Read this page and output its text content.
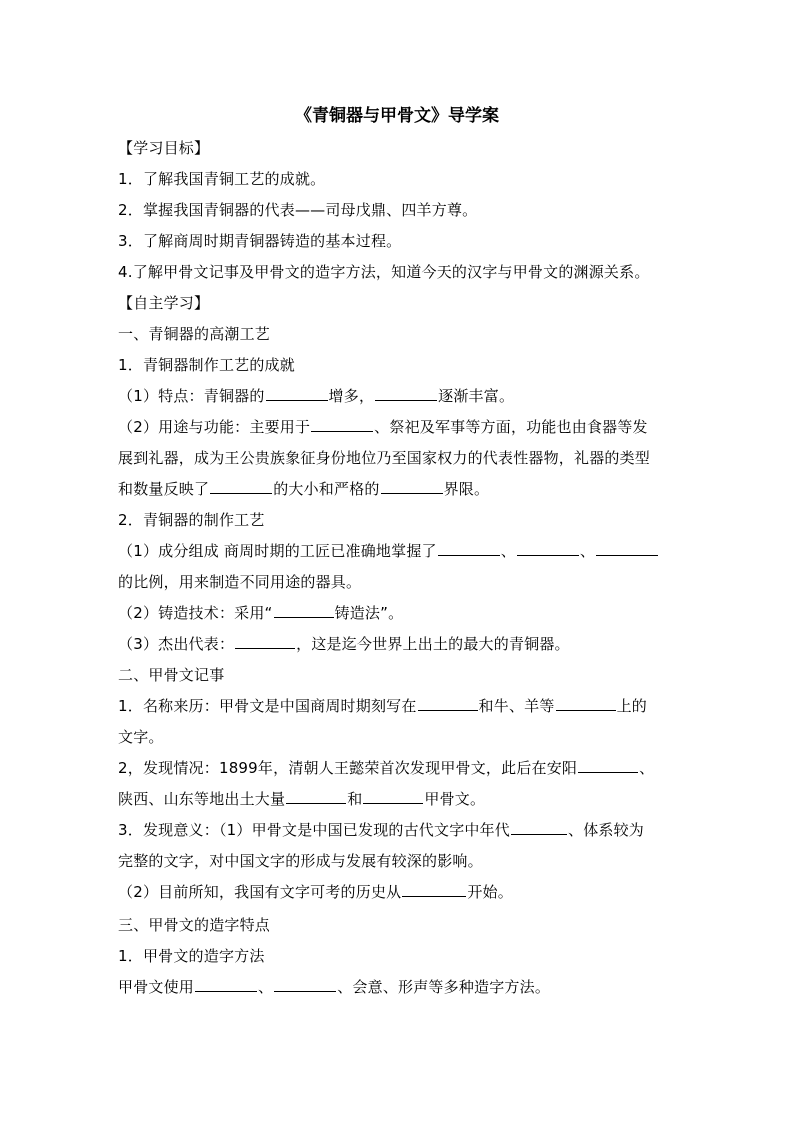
《青铜器与甲骨文》导学案
【学习目标】
1．了解我国青铜工艺的成就。
2．掌握我国青铜器的代表——司母戊鼎、四羊方尊。
3．了解商周时期青铜器铸造的基本过程。
4.了解甲骨文记事及甲骨文的造字方法，知道今天的汉字与甲骨文的渊源关系。
【自主学习】
一、青铜器的高潮工艺
1．青铜器制作工艺的成就
（1）特点：青铜器的	增多，	逐渐丰富。
（2）用途与功能：主要用于	、祭祀及军事等方面，功能也由食器等发
展到礼器，成为王公贵族象征身份地位乃至国家权力的代表性器物，礼器的类型
和数量反映了	的大小和严格的	界限。
2．青铜器的制作工艺
（1）成分组成 商周时期的工匠已准确地掌握了	、	、
的比例，用来制造不同用途的器具。
（2）铸造技术：采用“	铸造法”。
（3）杰出代表：	，这是迄今世界上出土的最大的青铜器。
二、甲骨文记事
1．名称来历：甲骨文是中国商周时期刻写在	和牛、羊等	上的
文字。
2，发现情况：1899年，清朝人王懿荣首次发现甲骨文，此后在安阳	、
陕西、山东等地出土大量	和	甲骨文。
3．发现意义：（1）甲骨文是中国已发现的古代文字中年代	、体系较为
完整的文字，对中国文字的形成与发展有较深的影响。
（2）目前所知，我国有文字可考的历史从	开始。
三、甲骨文的造字特点
1．甲骨文的造字方法
甲骨文使用	、	、会意、形声等多种造字方法。
